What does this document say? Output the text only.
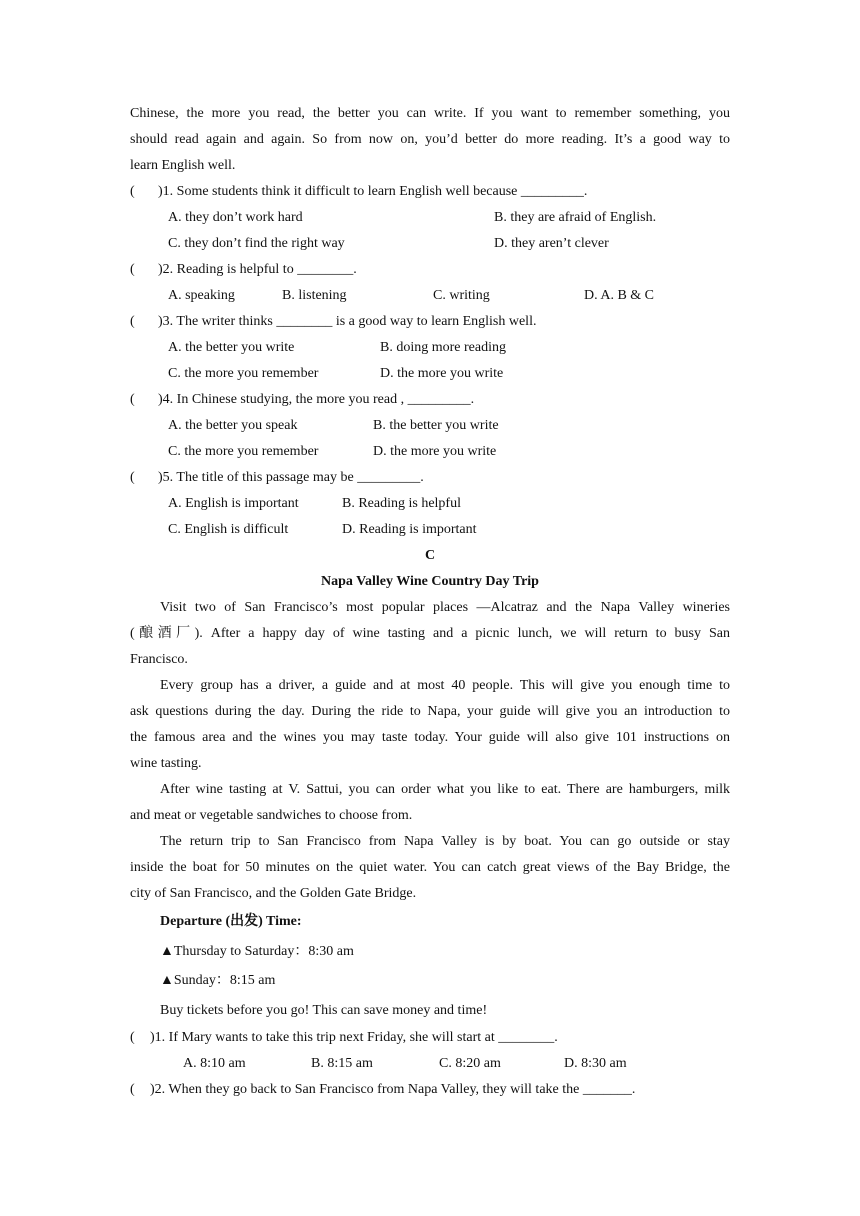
Chinese, the more you read, the better you can write. If you want to remember something, you
should read again and again. So from now on, you’d better do more reading. It’s a good way to
learn English well.
( )1. Some students think it difficult to learn English well because _________.
A. they don’t work hard	B. they are afraid of English.
C. they don’t find the right way	D. they aren’t clever
( )2. Reading is helpful to ________.
A. speaking	B. listening	C. writing	D. A. B & C
( )3. The writer thinks ________ is a good way to learn English well.
A. the better you write	B. doing more reading
C. the more you remember	D. the more you write
( )4. In Chinese studying, the more you read , _________.
A. the better you speak	B. the better you write
C. the more you remember	D. the more you write
( )5. The title of this passage may be _________.
A. English is important	B. Reading is helpful
C. English is difficult	D. Reading is important
C
Napa Valley Wine Country Day Trip
Visit two of San Francisco’s most popular places —Alcatraz and the Napa Valley wineries
(酿酒厂). After a happy day of wine tasting and a picnic lunch, we will return to busy San
Francisco.
Every group has a driver, a guide and at most 40 people. This will give you enough time to
ask questions during the day. During the ride to Napa, your guide will give you an introduction to
the famous area and the wines you may taste today. Your guide will also give 101 instructions on
wine tasting.
After wine tasting at V. Sattui, you can order what you like to eat. There are hamburgers, milk
and meat or vegetable sandwiches to choose from.
The return trip to San Francisco from Napa Valley is by boat. You can go outside or stay
inside the boat for 50 minutes on the quiet water. You can catch great views of the Bay Bridge, the
city of San Francisco, and the Golden Gate Bridge.
Departure (出发) Time:
▲Thursday to Saturday：8:30 am
▲Sunday：8:15 am
Buy tickets before you go! This can save money and time!
( )1. If Mary wants to take this trip next Friday, she will start at ________.
A. 8:10 am	B. 8:15 am	C. 8:20 am	D. 8:30 am
( )2. When they go back to San Francisco from Napa Valley, they will take the _______.
